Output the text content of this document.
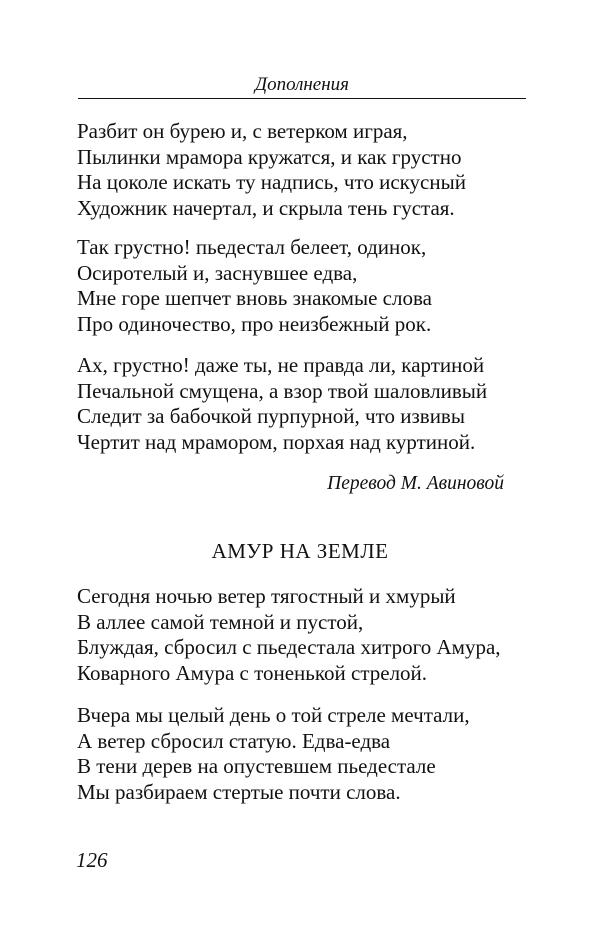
Дополнения
Разбит он бурею и, с ветерком играя,
Пылинки мрамора кружатся, и как грустно
На цоколе искать ту надпись, что искусный
Художник начертал, и скрыла тень густая.
Так грустно! пьедестал белеет, одинок,
Осиротелый и, заснувшее едва,
Мне горе шепчет вновь знакомые слова
Про одиночество, про неизбежный рок.
Ах, грустно! даже ты, не правда ли, картиной
Печальной смущена, а взор твой шаловливый
Следит за бабочкой пурпурной, что извивы
Чертит над мрамором, порхая над куртиной.
Перевод М. Авиновой
АМУР НА ЗЕМЛЕ
Сегодня ночью ветер тягостный и хмурый
В аллее самой темной и пустой,
Блуждая, сбросил с пьедестала хитрого Амура,
Коварного Амура с тоненькой стрелой.
Вчера мы целый день о той стреле мечтали,
А ветер сбросил статую. Едва-едва
В тени дерев на опустевшем пьедестале
Мы разбираем стертые почти слова.
126
